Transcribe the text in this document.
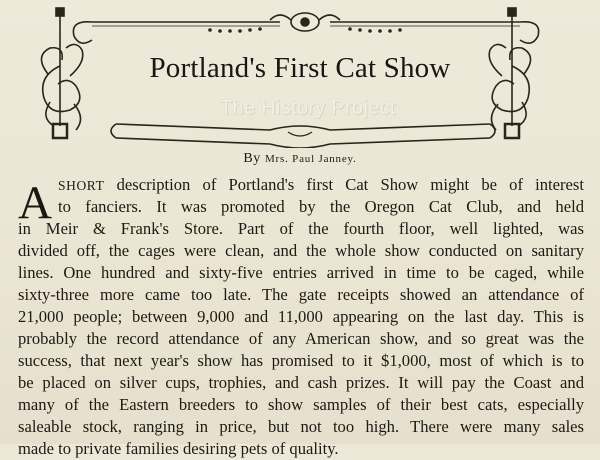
Portland's First Cat Show
The History Project
By Mrs. Paul Janney.
A SHORT description of Portland's first Cat Show might be of interest
to fanciers. It was promoted by the Oregon Cat Club, and held
in Meir & Frank's Store. Part of the fourth floor, well lighted, was
divided off, the cages were clean, and the whole show conducted on sanitary
lines. One hundred and sixty-five entries arrived in time to be caged, while
sixty-three more came too late. The gate receipts showed an attendance of
21,000 people; between 9,000 and 11,000 appearing on the last day. This is
probably the record attendance of any American show, and so great was the
success, that next year's show has promised to it $1,000, most of which is to
be placed on silver cups, trophies, and cash prizes. It will pay the Coast and
many of the Eastern breeders to show samples of their best cats, especially
saleable stock, ranging in price, but not too high. There were many sales
made to private families desiring pets of quality.
